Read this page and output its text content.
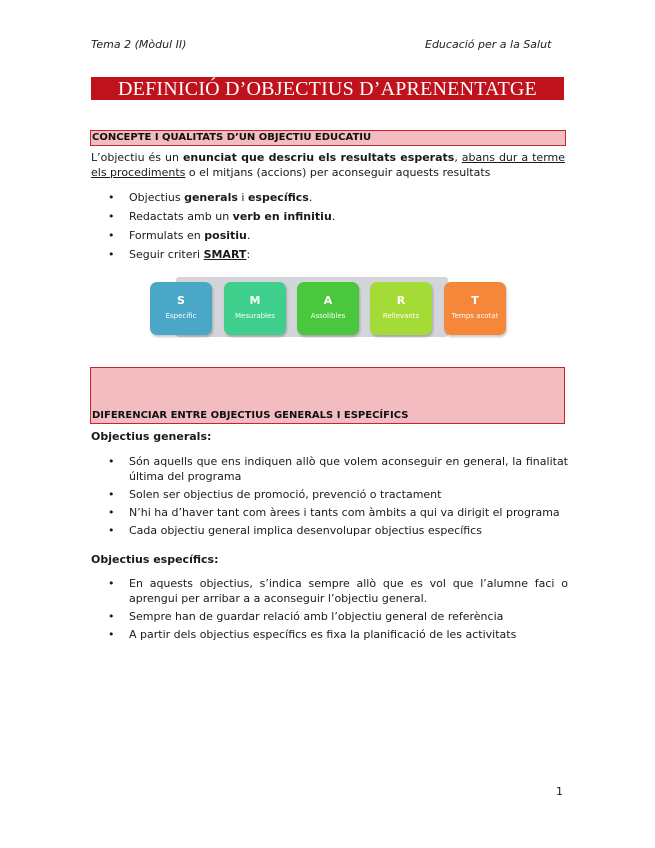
Tema 2 (Mòdul II)	Educació per a la Salut
DEFINICIÓ D’OBJECTIUS D’APRENENTATGE
CONCEPTE I QUALITATS D’UN OBJECTIU EDUCATIU
L’objectiu és un enunciat que descriu els resultats esperats, abans dur a terme els procediments o el mitjans (accions) per aconseguir aquests resultats
• Objectius generals i específics.
• Redactats amb un verb en infinitiu.
• Formulats en positiu.
• Seguir criteri SMART:
S
Específic
M
Mesurables
A
Assolibles
R
Rellevants
T
Temps acotat
DIFERENCIAR ENTRE OBJECTIUS GENERALS I ESPECÍFICS
Objectius generals:
• Són aquells que ens indiquen allò que volem aconseguir en general, la finalitat última del programa
• Solen ser objectius de promoció, prevenció o tractament
• N’hi ha d’haver tant com àrees i tants com àmbits a qui va dirigit el programa
• Cada objectiu general implica desenvolupar objectius específics
Objectius específics:
• En aquests objectius, s’indica sempre allò que es vol que l’alumne faci o aprengui per arribar a a aconseguir l’objectiu general.
• Sempre han de guardar relació amb l’objectiu general de referència
• A partir dels objectius específics es fixa la planificació de les activitats
1
